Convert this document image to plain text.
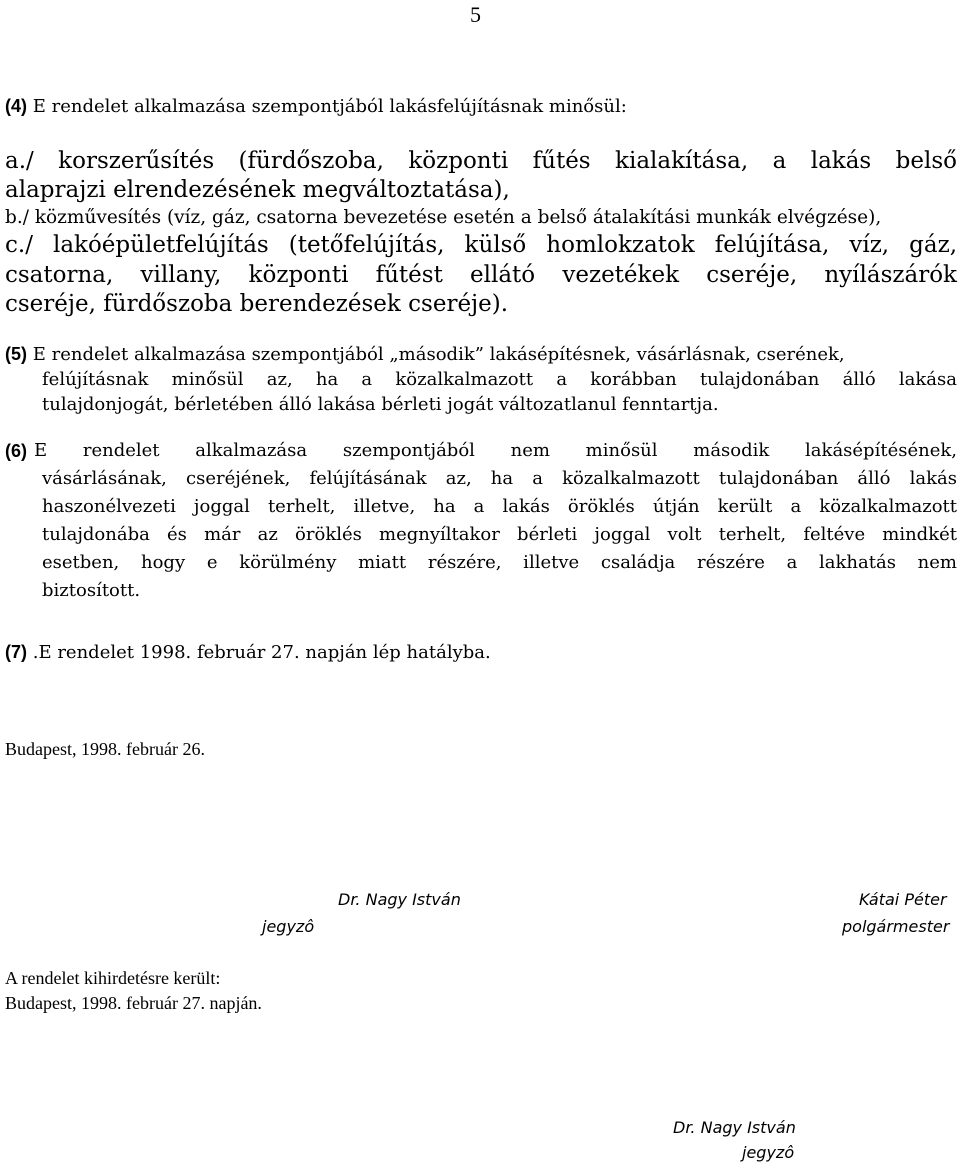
5
(4) E rendelet alkalmazása szempontjából lakásfelújításnak minősül:
a./ korszerűsítés (fürdőszoba, központi fűtés kialakítása, a lakás belső
alaprajzi elrendezésének megváltoztatása),
b./ közművesítés (víz, gáz, csatorna bevezetése esetén a belső átalakítási munkák elvégzése),
c./ lakóépületfelújítás (tetőfelújítás, külső homlokzatok felújítása, víz, gáz,
csatorna, villany, központi fűtést ellátó vezetékek cseréje, nyílászárók
cseréje, fürdőszoba berendezések cseréje).
(5) E rendelet alkalmazása szempontjából „második” lakásépítésnek, vásárlásnak, cserének,
felújításnak minősül az, ha a közalkalmazott a korábban tulajdonában álló lakása
tulajdonjogát, bérletében álló lakása bérleti jogát változatlanul fenntartja.
(6) E rendelet alkalmazása szempontjából nem minősül második lakásépítésének,
vásárlásának, cseréjének, felújításának az, ha a közalkalmazott tulajdonában álló lakás
haszonélvezeti joggal terhelt, illetve, ha a lakás öröklés útján került a közalkalmazott
tulajdonába és már az öröklés megnyíltakor bérleti joggal volt terhelt, feltéve mindkét
esetben, hogy e körülmény miatt részére, illetve családja részére a lakhatás nem
biztosított.
(7) .E rendelet 1998. február 27. napján lép hatályba.
Budapest, 1998. február 26.
Dr. Nagy István
jegyzô
Kátai Péter
polgármester
A rendelet kihirdetésre került:
Budapest, 1998. február 27. napján.
Dr. Nagy István
jegyzô
